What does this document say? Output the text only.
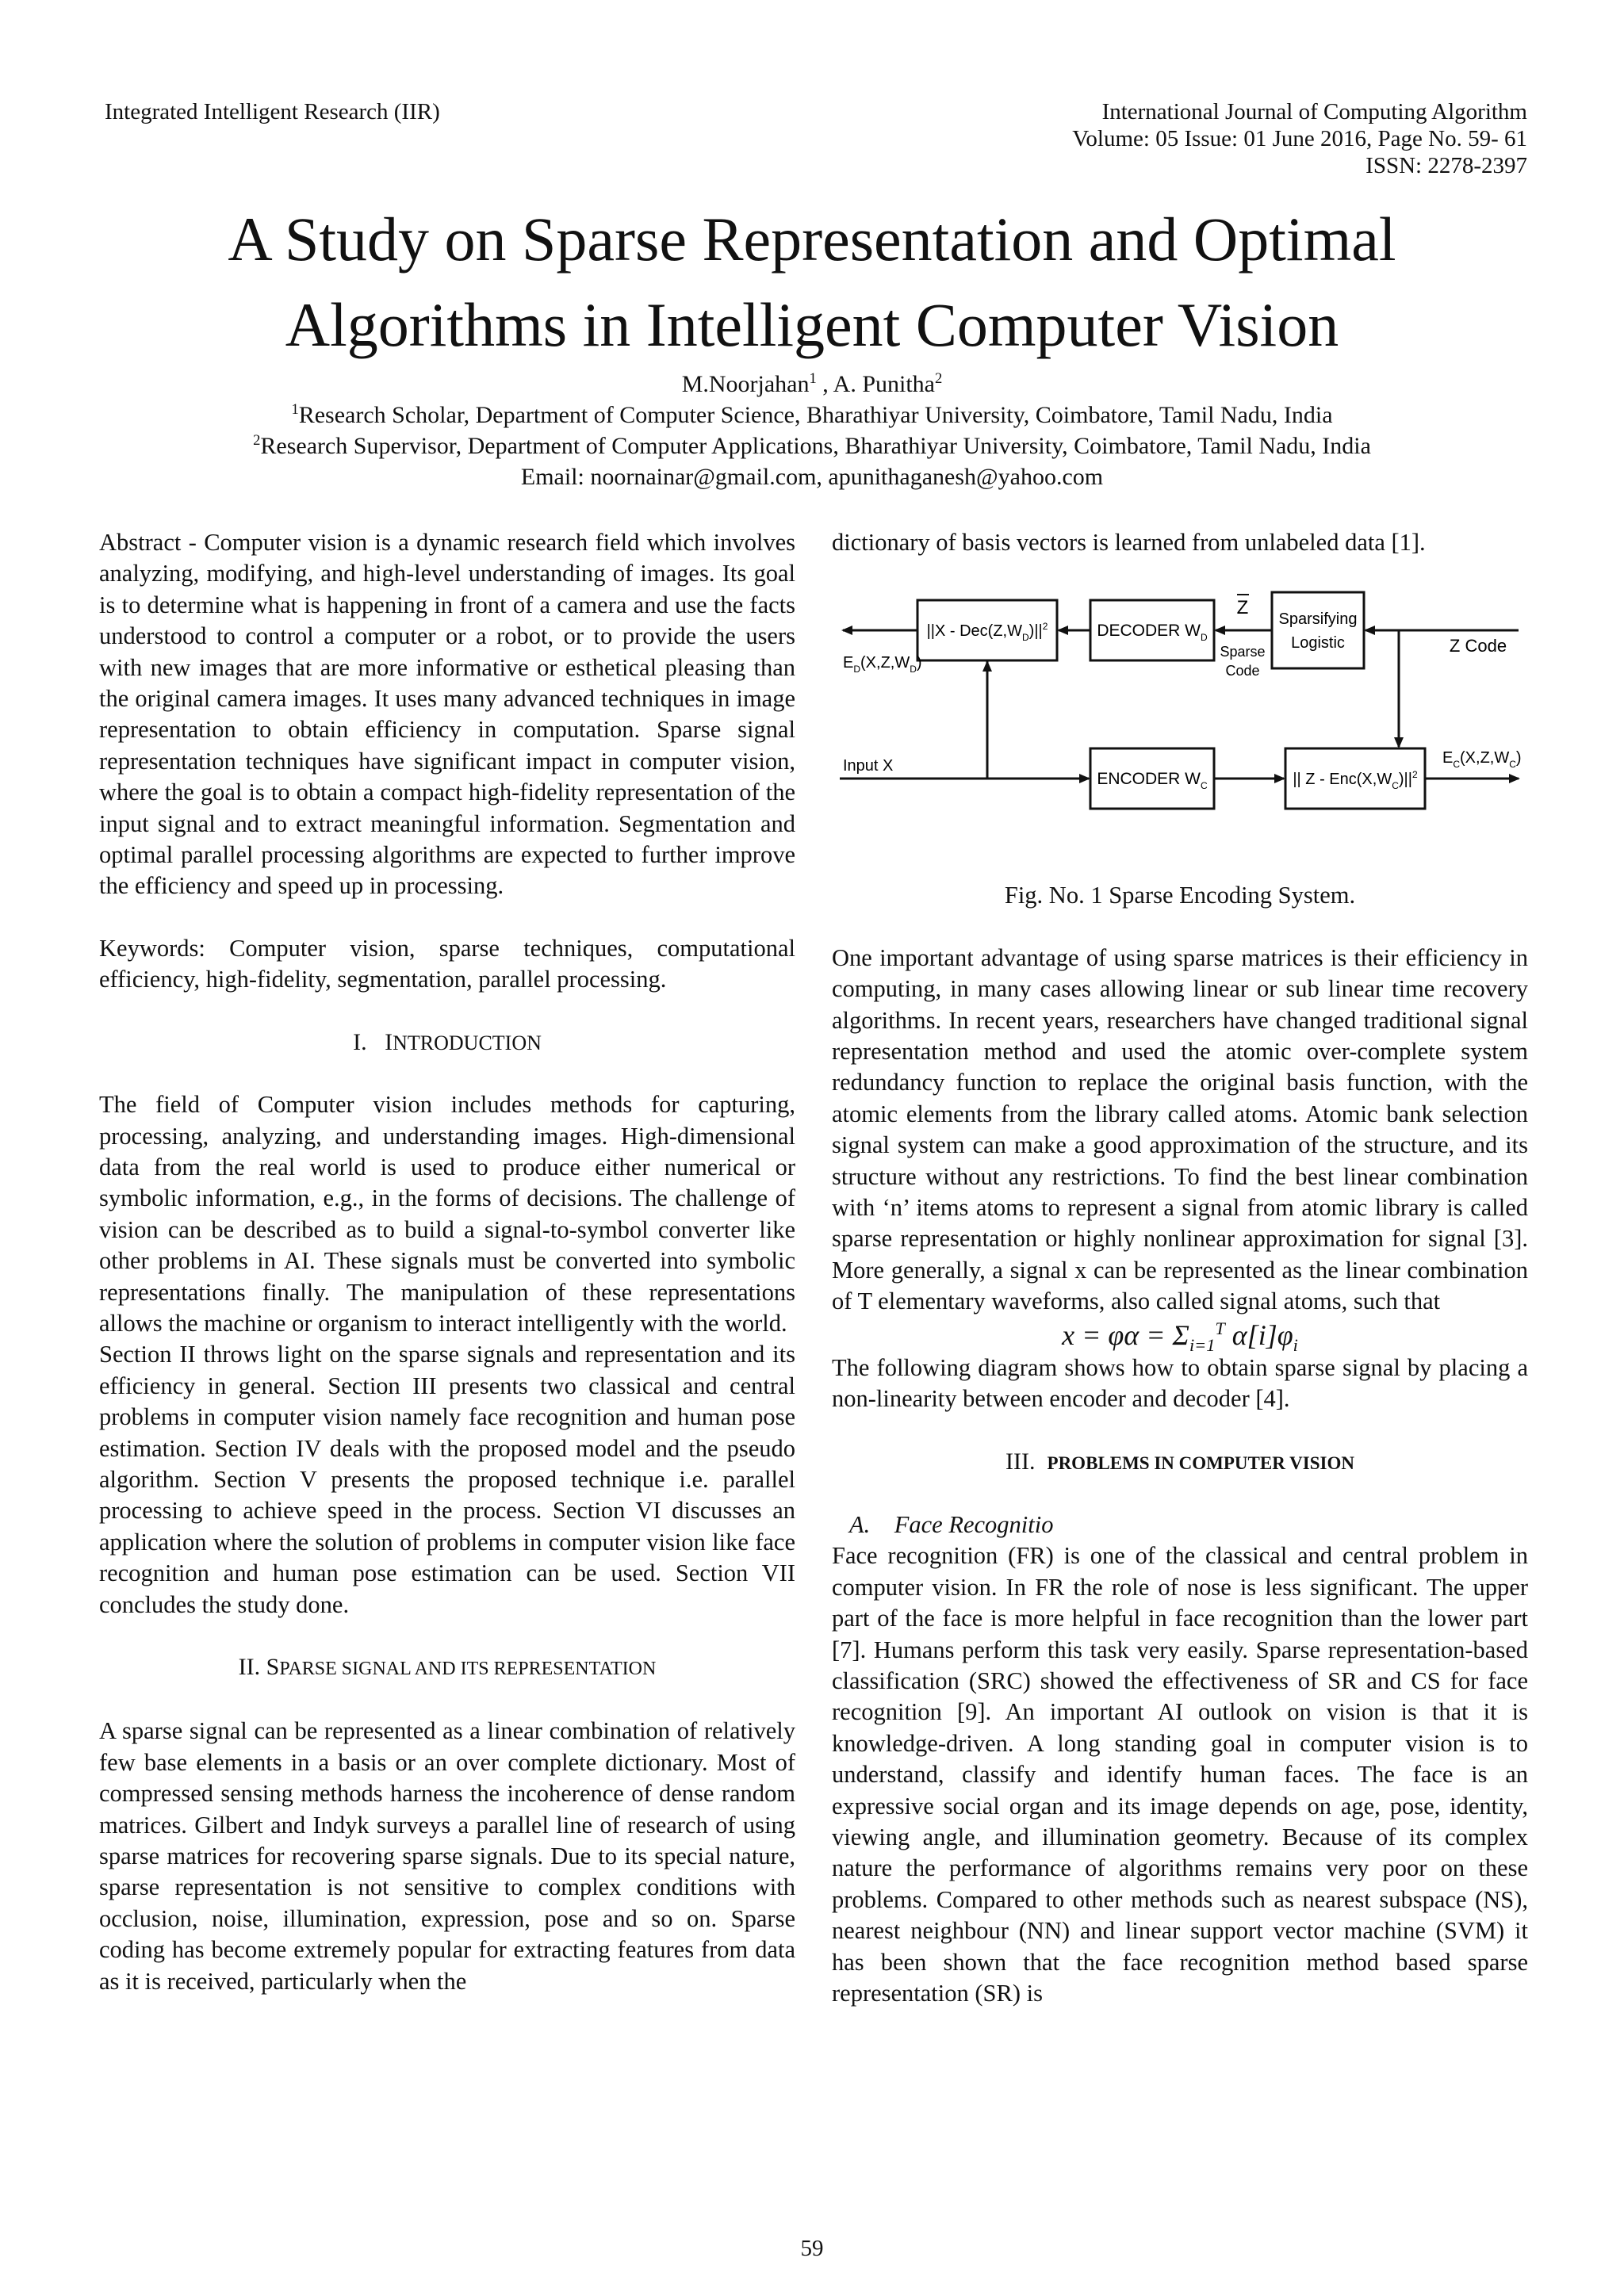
Integrated Intelligent Research (IIR)	International Journal of Computing Algorithm
Volume: 05 Issue: 01 June 2016, Page No. 59- 61
ISSN: 2278-2397
A Study on Sparse Representation and Optimal
Algorithms in Intelligent Computer Vision
M.Noorjahan$^1$ , A. Punitha$^2$
$^1$Research Scholar, Department of Computer Science, Bharathiyar University, Coimbatore, Tamil Nadu, India
$^2$Research Supervisor, Department of Computer Applications, Bharathiyar University, Coimbatore, Tamil Nadu, India
Email: noornainar@gmail.com, apunithaganesh@yahoo.com

Abstract - Computer vision is a dynamic research field which involves analyzing, modifying, and high-level understanding of images. Its goal is to determine what is happening in front of a camera and use the facts understood to control a computer or a robot, or to provide the users with new images that are more informative or esthetical pleasing than the original camera images. It uses many advanced techniques in image representation to obtain efficiency in computation. Sparse signal representation techniques have significant impact in computer vision, where the goal is to obtain a compact high-fidelity representation of the input signal and to extract meaningful information. Segmentation and optimal parallel processing algorithms are expected to further improve the efficiency and speed up in processing.

Keywords: Computer vision, sparse techniques, computational efficiency, high-fidelity, segmentation, parallel processing.

I. INTRODUCTION

The field of Computer vision includes methods for capturing, processing, analyzing, and understanding images. High-dimensional data from the real world is used to produce either numerical or symbolic information, e.g., in the forms of decisions. The challenge of vision can be described as to build a signal-to-symbol converter like other problems in AI. These signals must be converted into symbolic representations finally. The manipulation of these representations allows the machine or organism to interact intelligently with the world.

Section II throws light on the sparse signals and representation and its efficiency in general. Section III presents two classical and central problems in computer vision namely face recognition and human pose estimation. Section IV deals with the proposed model and the pseudo algorithm. Section V presents the proposed technique i.e. parallel processing to achieve speed in the process. Section VI discusses an application where the solution of problems in computer vision like face recognition and human pose estimation can be used. Section VII concludes the study done.

II. SPARSE SIGNAL AND ITS REPRESENTATION

A sparse signal can be represented as a linear combination of relatively few base elements in a basis or an over complete dictionary. Most of compressed sensing methods harness the incoherence of dense random matrices. Gilbert and Indyk surveys a parallel line of research of using sparse matrices for recovering sparse signals. Due to its special nature, sparse representation is not sensitive to complex conditions with occlusion, noise, illumination, expression, pose and so on. Sparse coding has become extremely popular for extracting features from data as it is received, particularly when the

dictionary of basis vectors is learned from unlabeled data [1].

$||X - Dec(Z,W_D)||^2$	DECODER $W_D$
Sparsifying
Logistic
ENCODER $W_C$	|| Z - $Enc(X,W_C)||^2$
Z
Sparse
Code
Z Code
Input X
$E_D(X,Z,W_D)$
$E_C(X,Z,W_C)$

Fig. No. 1 Sparse Encoding System.

One important advantage of using sparse matrices is their efficiency in computing, in many cases allowing linear or sub linear time recovery algorithms. In recent years, researchers have changed traditional signal representation method and used the atomic over-complete system redundancy function to replace the original basis function, with the atomic elements from the library called atoms. Atomic bank selection signal system can make a good approximation of the structure, and its structure without any restrictions. To find the best linear combination with ‘n’ items atoms to represent a signal from atomic library is called sparse representation or highly nonlinear approximation for signal [3]. More generally, a signal x can be represented as the linear combination of T elementary waveforms, also called signal atoms, such that

$x = \varphi\alpha = \Sigma_{i=1}^T$ $\alpha[i]\varphi_i$

The following diagram shows how to obtain sparse signal by placing a non-linearity between encoder and decoder [4].

III. PROBLEMS IN COMPUTER VISION

A.    Face Recognitio

Face recognition (FR) is one of the classical and central problem in computer vision. In FR the role of nose is less significant. The upper part of the face is more helpful in face recognition than the lower part [7]. Humans perform this task very easily. Sparse representation-based classification (SRC) showed the effectiveness of SR and CS for face recognition [9]. An important AI outlook on vision is that it is knowledge-driven. A long standing goal in computer vision is to understand, classify and identify human faces. The face is an expressive social organ and its image depends on age, pose, identity, viewing angle, and illumination geometry. Because of its complex nature the performance of algorithms remains very poor on these problems. Compared to other methods such as nearest subspace (NS), nearest neighbour (NN) and linear support vector machine (SVM) it has been shown that the face recognition method based sparse representation (SR) is

59
